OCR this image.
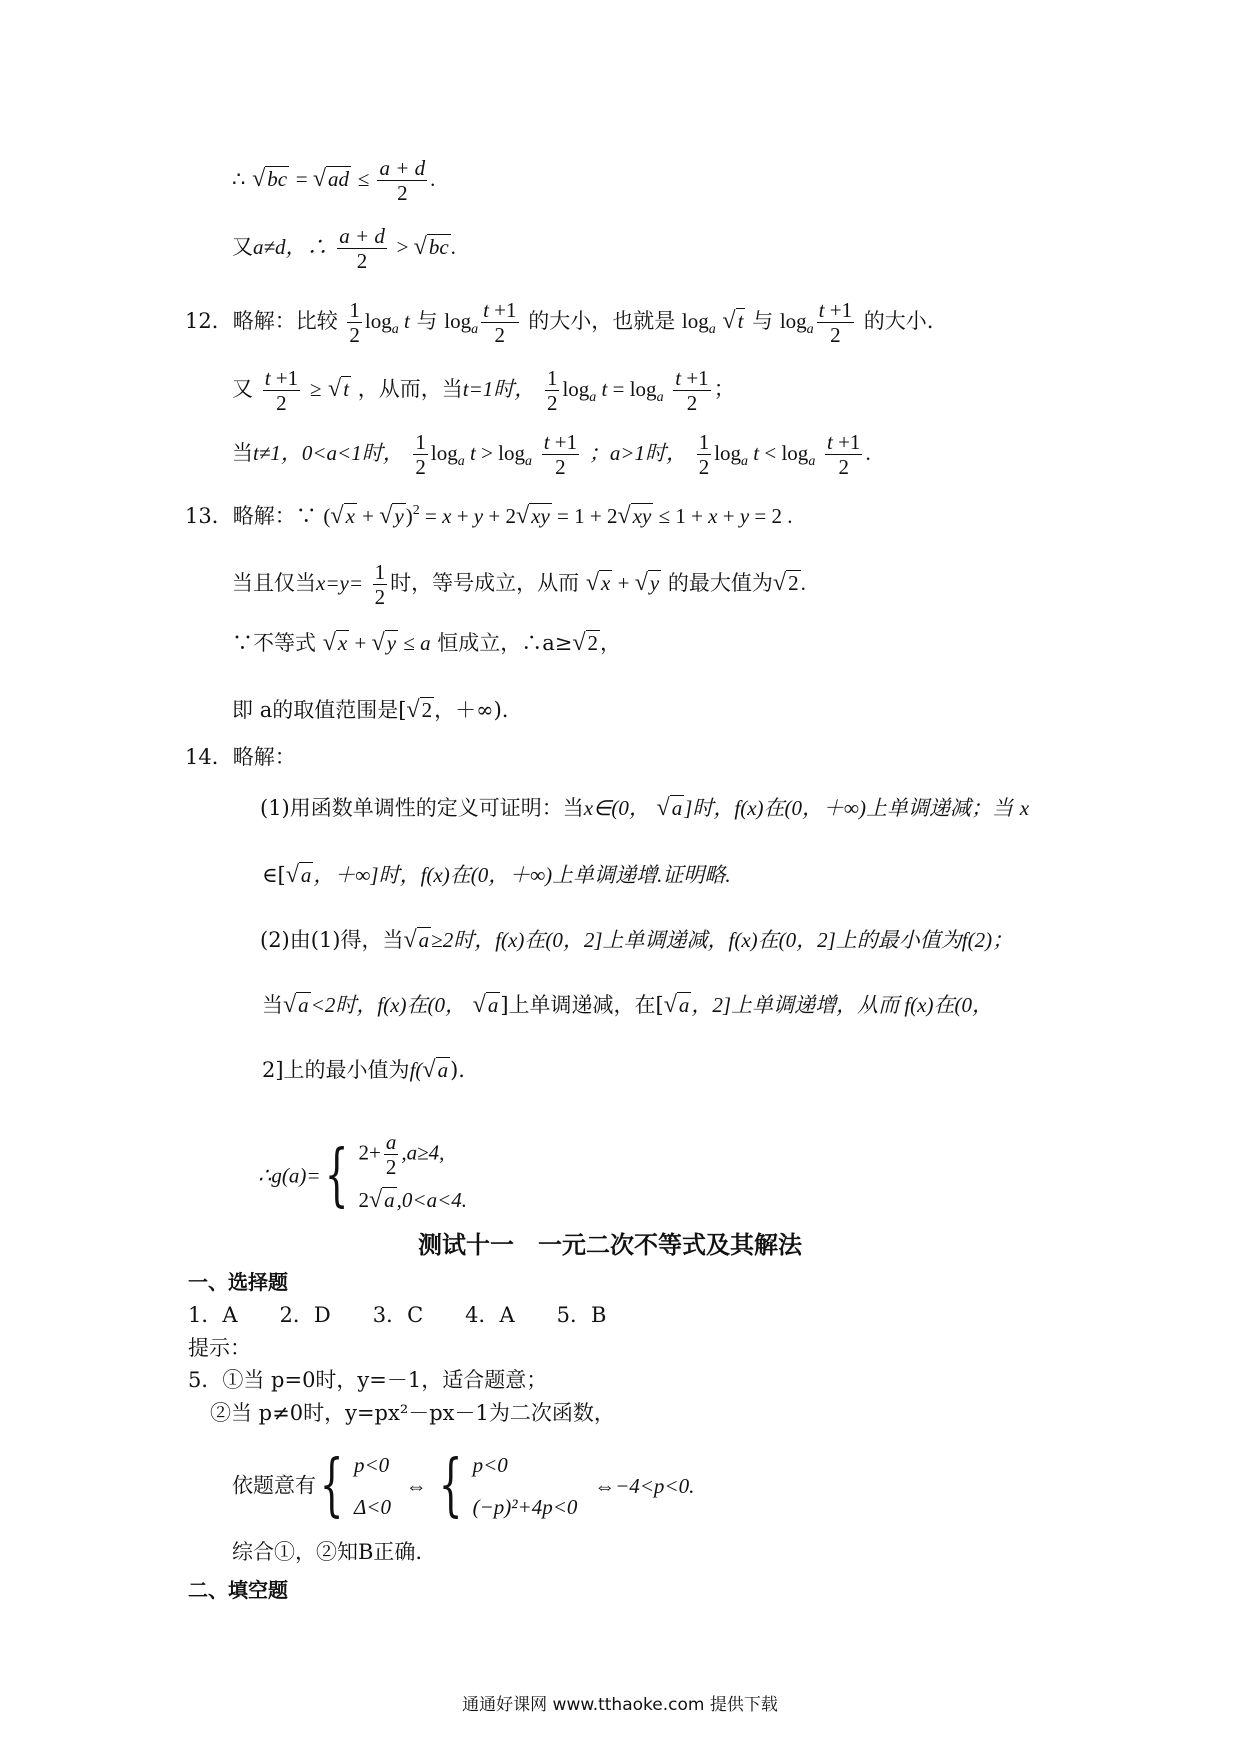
∴ $√bc = √ad \le \frac{a + d}{2}$ .
又a≠d，∴ $\frac{a + d}{2} > √bc$.
12．略解：比较 $\frac{1}{2} \log_a t$ 与 $\log_a \frac{t +1}{2}$ 的大小，也就是 $\log_a √t$ 与 $\log_a \frac{t +1}{2}$ 的大小.
又 $\frac{t +1}{2} \ge √t$ ，从而，当t=1时， $\frac{1}{2} \log_a t = \log_a \frac{t +1}{2}$ ；
当t≠1，0<a<1时， $\frac{1}{2} \log_a t > \log_a \frac{t +1}{2}$ ；a>1时， $\frac{1}{2} \log_a t < \log_a \frac{t +1}{2}$ .
13．略解：∵ $(√x + √y)^2 = x + y + 2√xy = 1 + 2√xy \le 1 + x + y = 2$ .
当且仅当$x=y= \frac{1}{2}$ 时，等号成立，从而 √x + √y 的最大值为√2.
∵不等式 √x + √y ≤ a 恒成立，∴a≥√2，
即 a的取值范围是[√2，＋∞).
14．略解：
(1)用函数单调性的定义可证明：当x∈(0， √a]时，f(x)在(0，＋∞)上单调递减；当 x
∈[√a，＋∞]时，f(x)在(0，＋∞)上单调递增.证明略.
(2)由(1)得，当√a≥2时，f(x)在(0，2]上单调递减，f(x)在(0，2]上的最小值为f(2)；
当√a<2时，f(x)在(0， √a]上单调递减，在[√a，2]上单调递增，从而 f(x)在(0，
2]上的最小值为f(√a).
∴g(a)={ $2+ \frac{a}{2} ,a\ge 4$,
2√a,0<a<4.
测试十一　一元二次不等式及其解法
一、选择题
1．A　　2．D　　3．C　　4．A　　5．B
提示：
5．①当 p=0时，y=－1，适合题意；
②当 p≠0时，y=px²－px－1为二次函数，
依题意有{ p<0
Δ<0
⇔ { p<0
(−p)²+4p<0
⇔−4<p<0.
综合①，②知B正确.
二、填空题
通通好课网 www.tthaoke.com 提供下载
